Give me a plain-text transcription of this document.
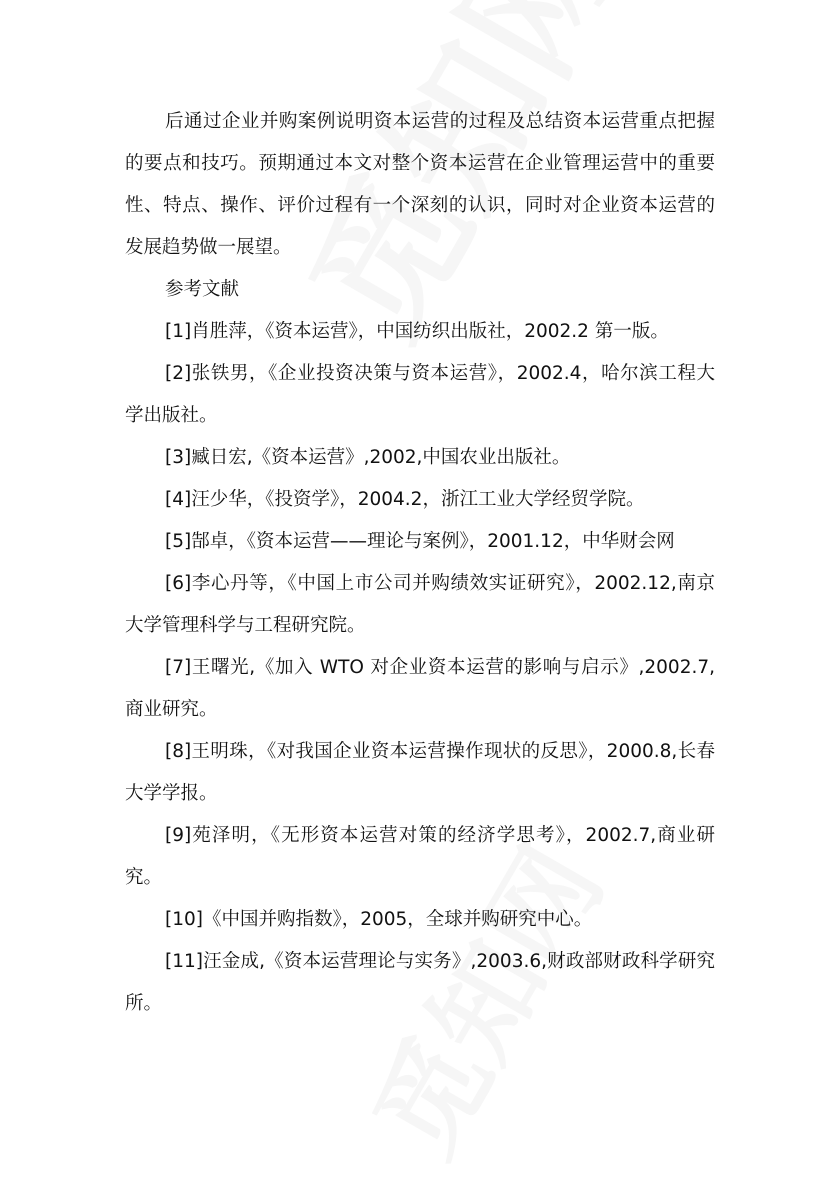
后通过企业并购案例说明资本运营的过程及总结资本运营重点把握的要点和技巧。预期通过本文对整个资本运营在企业管理运营中的重要性、特点、操作、评价过程有一个深刻的认识，同时对企业资本运营的发展趋势做一展望。

参考文献

[1]肖胜萍，《资本运营》，中国纺织出版社，2002.2 第一版。

[2]张铁男，《企业投资决策与资本运营》，2002.4，哈尔滨工程大学出版社。

[3]臧日宏,《资本运营》,2002,中国农业出版社。

[4]汪少华，《投资学》，2004.2，浙江工业大学经贸学院。

[5]郜卓，《资本运营——理论与案例》，2001.12，中华财会网

[6]李心丹等，《中国上市公司并购绩效实证研究》，2002.12,南京大学管理科学与工程研究院。

[7]王曙光,《加入 WTO 对企业资本运营的影响与启示》,2002.7,商业研究。

[8]王明珠，《对我国企业资本运营操作现状的反思》，2000.8,长春大学学报。

[9]苑泽明，《无形资本运营对策的经济学思考》，2002.7,商业研究。

[10]《中国并购指数》，2005，全球并购研究中心。

[11]汪金成,《资本运营理论与实务》,2003.6,财政部财政科学研究所。
